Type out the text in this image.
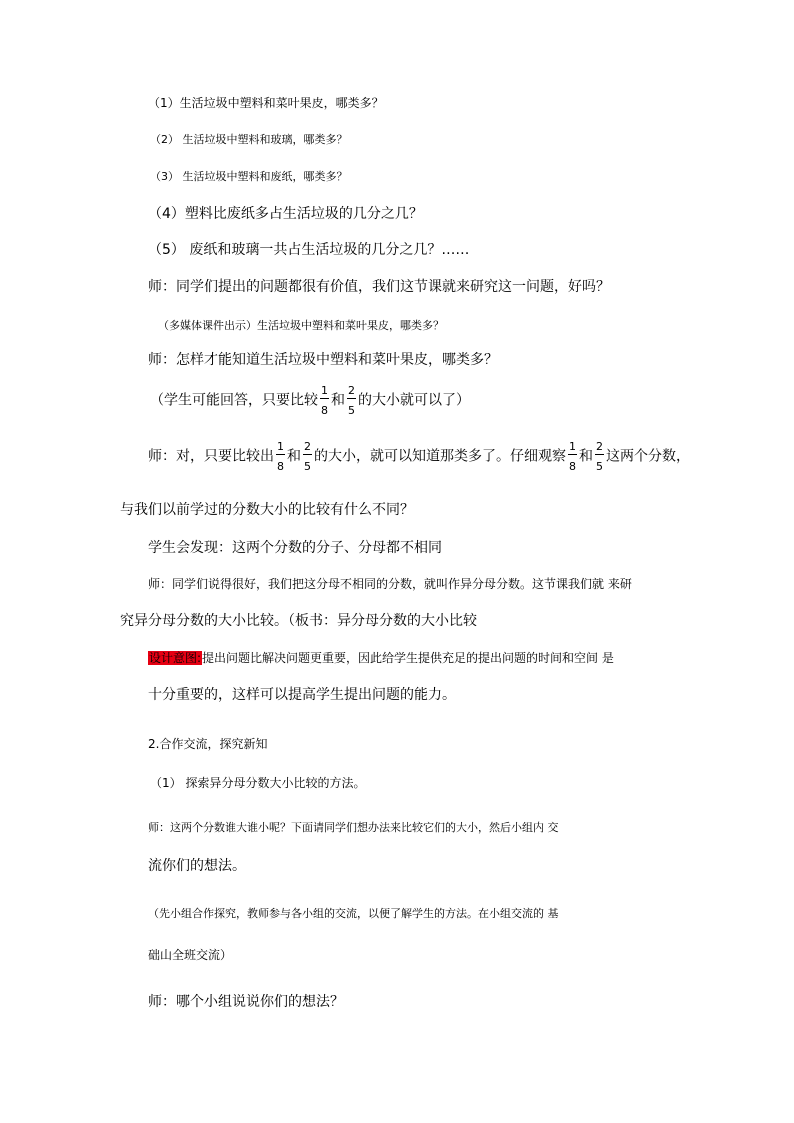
（1）生活垃圾中塑料和菜叶果皮，哪类多？
（2） 生活垃圾中塑料和玻璃，哪类多？
（3） 生活垃圾中塑料和废纸，哪类多？
（4）塑料比废纸多占生活垃圾的几分之几？
（5） 废纸和玻璃一共占生活垃圾的几分之几？……
师：同学们提出的问题都很有价值，我们这节课就来研究这一问题，好吗？
（多媒体课件出示）生活垃圾中塑料和菜叶果皮，哪类多？
师：怎样才能知道生活垃圾中塑料和菜叶果皮，哪类多？
（学生可能回答，只要比较 $\frac{1}{8}$ 和 $\frac{2}{5}$ 的大小就可以了）
师：对，只要比较出 $\frac{1}{8}$ 和 $\frac{2}{5}$ 的大小，就可以知道那类多了。仔细观察 $\frac{1}{8}$ 和 $\frac{2}{5}$ 这两个分数，
与我们以前学过的分数大小的比较有什么不同？
学生会发现：这两个分数的分子、分母都不相同
师：同学们说得很好，我们把这分母不相同的分数，就叫作异分母分数。这节课我们就 来研
究异分母分数的大小比较。（板书：异分母分数的大小比较
设计意图:提出问题比解决问题更重要，因此给学生提供充足的提出问题的时间和空间 是
十分重要的，这样可以提高学生提出问题的能力。
2.合作交流，探究新知
（1） 探索异分母分数大小比较的方法。
师：这两个分数谁大谁小呢？下面请同学们想办法来比较它们的大小，然后小组内 交
流你们的想法。
（先小组合作探究，教师参与各小组的交流，以便了解学生的方法。在小组交流的 基
础山全班交流）
师：哪个小组说说你们的想法？
